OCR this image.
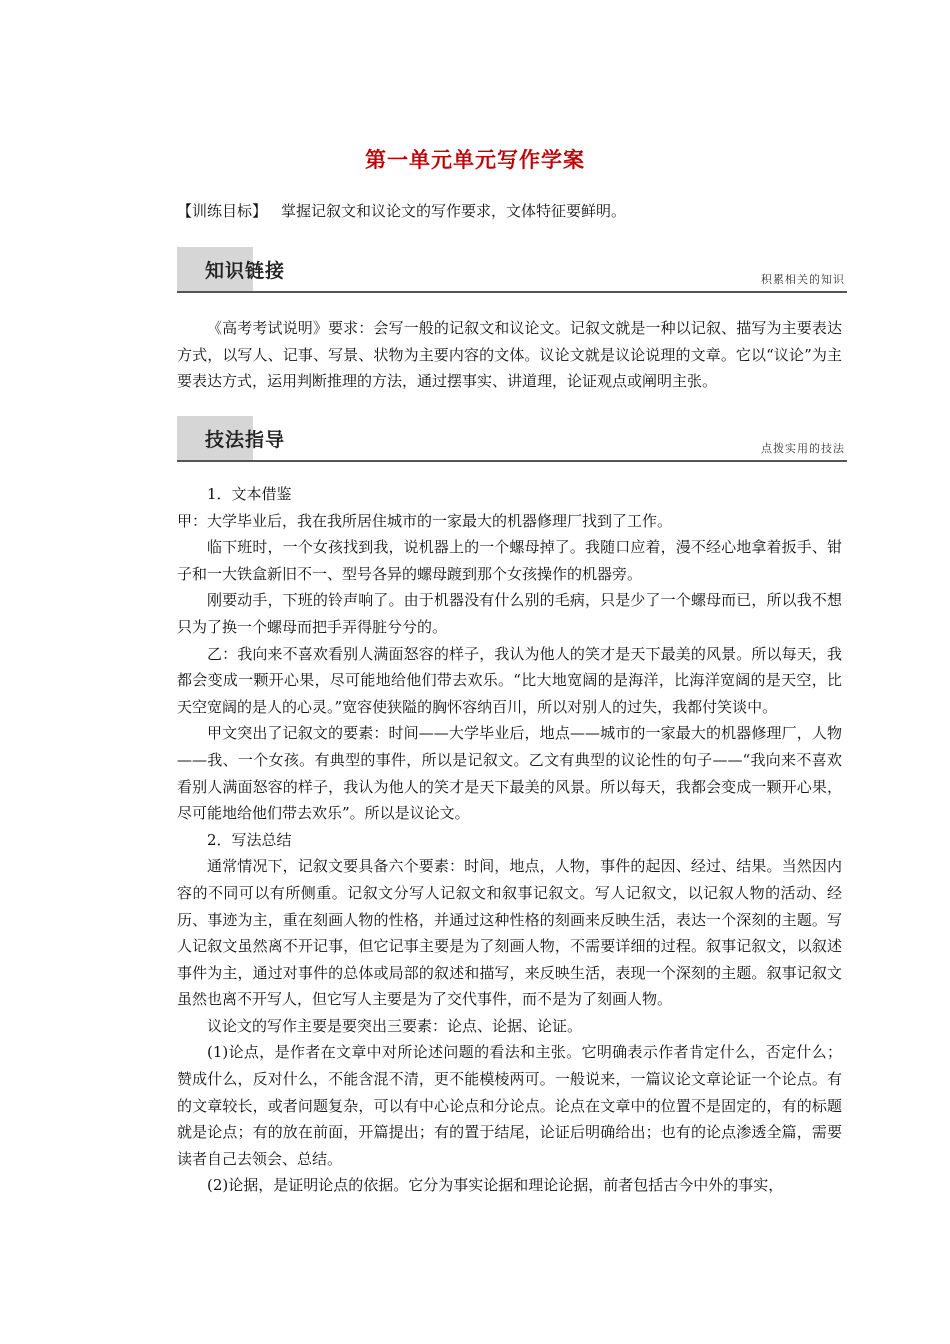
第一单元单元写作学案
【训练目标】 掌握记叙文和议论文的写作要求，文体特征要鲜明。
知识链接	积累相关的知识

《高考考试说明》要求：会写一般的记叙文和议论文。记叙文就是一种以记叙、描写为主要表达方式，以写人、记事、写景、状物为主要内容的文体。议论文就是议论说理的文章。它以“议论”为主要表达方式，运用判断推理的方法，通过摆事实、讲道理，论证观点或阐明主张。

技法指导	点拨实用的技法

1．文本借鉴

甲：大学毕业后，我在我所居住城市的一家最大的机器修理厂找到了工作。

临下班时，一个女孩找到我，说机器上的一个螺母掉了。我随口应着，漫不经心地拿着扳手、钳子和一大铁盒新旧不一、型号各异的螺母踱到那个女孩操作的机器旁。

刚要动手，下班的铃声响了。由于机器没有什么别的毛病，只是少了一个螺母而已，所以我不想只为了换一个螺母而把手弄得脏兮兮的。

乙：我向来不喜欢看别人满面怒容的样子，我认为他人的笑才是天下最美的风景。所以每天，我都会变成一颗开心果，尽可能地给他们带去欢乐。“比大地宽阔的是海洋，比海洋宽阔的是天空，比天空宽阔的是人的心灵。”宽容使狭隘的胸怀容纳百川，所以对别人的过失，我都付笑谈中。

甲文突出了记叙文的要素：时间——大学毕业后，地点——城市的一家最大的机器修理厂，人物——我、一个女孩。有典型的事件，所以是记叙文。乙文有典型的议论性的句子——“我向来不喜欢看别人满面怒容的样子，我认为他人的笑才是天下最美的风景。所以每天，我都会变成一颗开心果，尽可能地给他们带去欢乐”。所以是议论文。

2．写法总结

通常情况下，记叙文要具备六个要素：时间，地点，人物，事件的起因、经过、结果。当然因内容的不同可以有所侧重。记叙文分写人记叙文和叙事记叙文。写人记叙文，以记叙人物的活动、经历、事迹为主，重在刻画人物的性格，并通过这种性格的刻画来反映生活，表达一个深刻的主题。写人记叙文虽然离不开记事，但它记事主要是为了刻画人物，不需要详细的过程。叙事记叙文，以叙述事件为主，通过对事件的总体或局部的叙述和描写，来反映生活，表现一个深刻的主题。叙事记叙文虽然也离不开写人，但它写人主要是为了交代事件，而不是为了刻画人物。

议论文的写作主要是要突出三要素：论点、论据、论证。

(1)论点，是作者在文章中对所论述问题的看法和主张。它明确表示作者肯定什么，否定什么；赞成什么，反对什么，不能含混不清，更不能模棱两可。一般说来，一篇议论文章论证一个论点。有的文章较长，或者问题复杂，可以有中心论点和分论点。论点在文章中的位置不是固定的，有的标题就是论点；有的放在前面，开篇提出；有的置于结尾，论证后明确给出；也有的论点渗透全篇，需要读者自己去领会、总结。

(2)论据，是证明论点的依据。它分为事实论据和理论论据，前者包括古今中外的事实，
